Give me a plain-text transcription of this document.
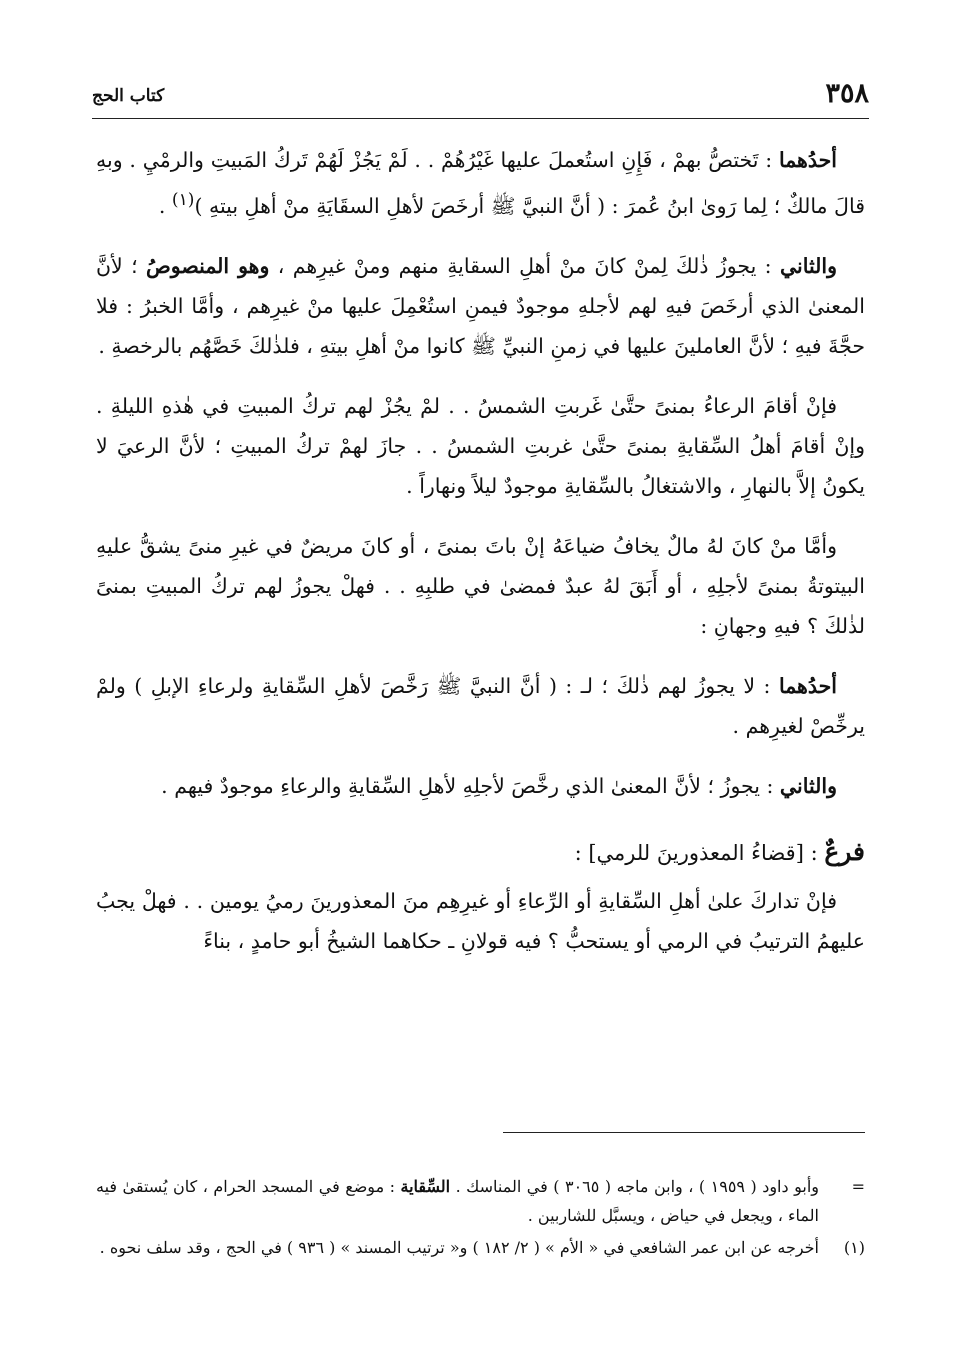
٣٥٨
كتاب الحج

أحدُهما : تَختصُّ بهمْ ، فَإِنِ استُعملَ عليها غَيْرُهُمْ . . لَمْ يَجُزْ لَهُمْ تَركُ المَبيتِ والرمْيِ . وبهِ قالَ مالكٌ ؛ لِما رَوىٰ ابنُ عُمرَ : ( أنَّ النبيَّ ﷺ أرخَصَ لأهلِ السقَايَةِ منْ أهلِ بيتهِ )$^{(١)}$ .

والثاني : يجوزُ ذٰلكَ لِمنْ كانَ منْ أهلِ السقايةِ منهم ومنْ غيرِهم ، وهو المنصوصُ ؛ لأنَّ المعنىٰ الذي أرخَصَ فيهِ لهم لأجلهِ موجودٌ فيمنِ استُعْمِلَ عليها منْ غيرِهم ، وأمَّا الخبرُ : فلا حجَّةَ فيهِ ؛ لأنَّ العاملينَ عليها في زمنِ النبيِّ ﷺ كانوا منْ أهلِ بيتهِ ، فلذٰلكَ خَصَّهُم بالرخصةِ .

فإنْ أقامَ الرعاءُ بمنىً حتَّىٰ غَربتِ الشمسُ . . لمْ يجُزْ لهم تركُ المبيتِ في هٰذهِ الليلةِ . وإنْ أقامَ أهلُ السِّقايةِ بمنىً حتَّىٰ غربتِ الشمسُ . . جازَ لهمْ تركُ المبيتِ ؛ لأنَّ الرعيَ لا يكونُ إلاَّ بالنهارِ ، والاشتغالُ بالسِّقايةِ موجودٌ ليلاً ونهاراً .

وأمَّا منْ كانَ لهُ مالٌ يخافُ ضياعَهُ إنْ باتَ بمنىً ، أو كانَ مريضٌ في غيرِ منىً يشقُّ عليهِ البيتوتةُ بمنىً لأجلِهِ ، أو أَبَقَ لهُ عبدٌ فمضىٰ في طلبِهِ . . فهلْ يجوزُ لهم تركُ المبيتِ بمنىً لذٰلكَ ؟ فيهِ وجهانِ :

أحدُهما : لا يجوزُ لهم ذٰلكَ ؛ لـ : ( أنَّ النبيَّ ﷺ رَخَّصَ لأهلِ السِّقايةِ ولرعاءِ الإبلِ ) ولمْ يرخِّصْ لغيرِهم .

والثاني : يجوزُ ؛ لأنَّ المعنىٰ الذي رخَّصَ لأجلِهِ لأهلِ السِّقايةِ والرعاءِ موجودٌ فيهم .

فرعٌ : [قضاءُ المعذورينَ للرمي] :

فإنْ تداركَ علىٰ أهلِ السِّقايةِ أو الرِّعاءِ أو غيرِهِم منَ المعذورينَ رميُ يومين . . فهلْ يجبُ عليهمُ الترتيبُ في الرمي أو يستحبُّ ؟ فيه قولانِ ـ حكاهما الشيخُ أبو حامدٍ ، بناءً

=
وأبو داود ( ١٩٥٩ ) ، وابن ماجه ( ٣٠٦٥ ) في المناسك . السِّقاية : موضع في المسجد الحرام ، كان يُستقىٰ فيه الماء ، ويجعل في حياض ، ويسبَّل للشاربين .
(١)
أخرجه عن ابن عمر الشافعي في « الأم » ( ٢/ ١٨٢ ) و« ترتيب المسند » ( ٩٣٦ ) في الحج ، وقد سلف نحوه .
